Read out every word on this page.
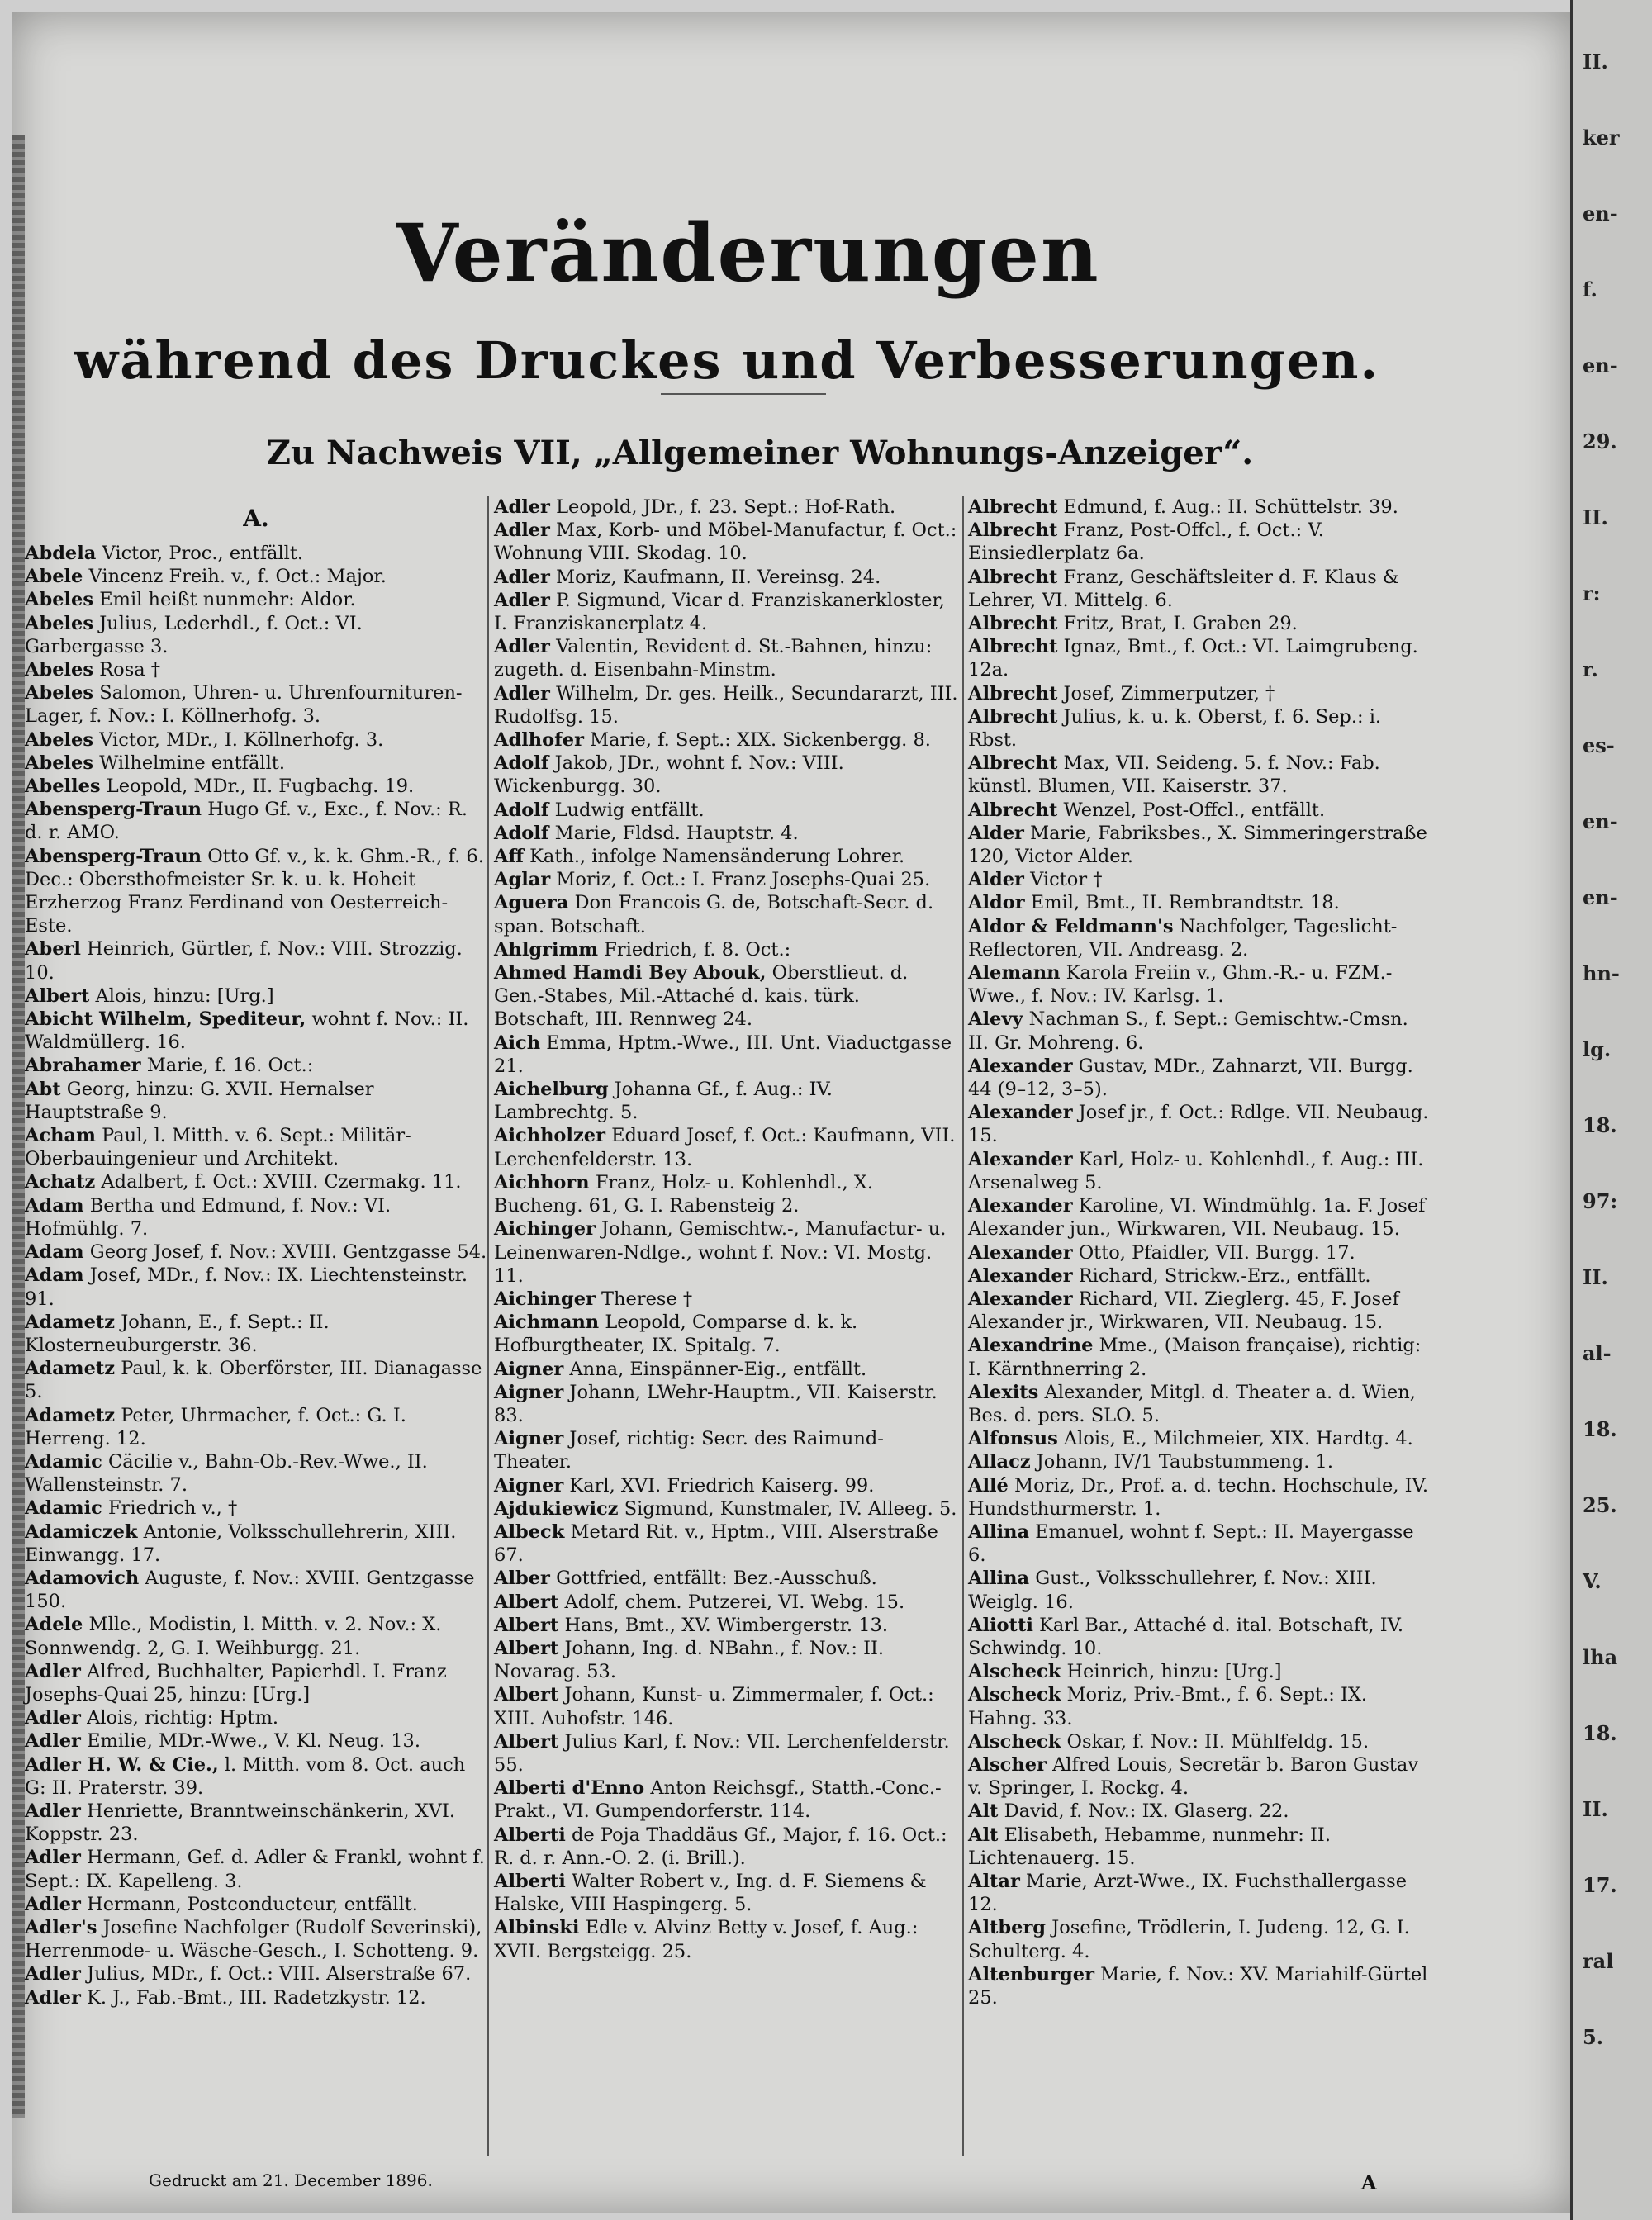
II.
ker
en-
f.
en-
29.
II.
r:
r.
es-
en-
en-
hn-
lg.
18.
97:
II.
al-
18.
25.
V.
lha
18.
II.
17.
ral
5.
Veränderungen
während des Druckes und Verbesserungen.
Zu Nachweis VII, „Allgemeiner Wohnungs-Anzeiger“.
A.

Abdela Victor, Proc., entfällt.

Abele Vincenz Freih. v., f. Oct.: Major.

Abeles Emil heißt nunmehr: Aldor.

Abeles Julius, Lederhdl., f. Oct.: VI. Garbergasse 3.

Abeles Rosa †

Abeles Salomon, Uhren- u. Uhrenfournituren-Lager, f. Nov.: I. Köllnerhofg. 3.

Abeles Victor, MDr., I. Köllnerhofg. 3.

Abeles Wilhelmine entfällt.

Abelles Leopold, MDr., II. Fugbachg. 19.

Abensperg-Traun Hugo Gf. v., Exc., f. Nov.: R. d. r. AMO.

Abensperg-Traun Otto Gf. v., k. k. Ghm.-R., f. 6. Dec.: Obersthofmeister Sr. k. u. k. Hoheit Erzherzog Franz Ferdinand von Oesterreich-Este.

Aberl Heinrich, Gürtler, f. Nov.: VIII. Strozzig. 10.

Albert Alois, hinzu: [Urg.]

Abicht Wilhelm, Spediteur, wohnt f. Nov.: II. Waldmüllerg. 16.

Abrahamer Marie, f. 16. Oct.:

Abt Georg, hinzu: G. XVII. Hernalser Hauptstraße 9.

Acham Paul, l. Mitth. v. 6. Sept.: Militär-Oberbauingenieur und Architekt.

Achatz Adalbert, f. Oct.: XVIII. Czermakg. 11.

Adam Bertha und Edmund, f. Nov.: VI. Hofmühlg. 7.

Adam Georg Josef, f. Nov.: XVIII. Gentzgasse 54.

Adam Josef, MDr., f. Nov.: IX. Liechtensteinstr. 91.

Adametz Johann, E., f. Sept.: II. Klosterneuburgerstr. 36.

Adametz Paul, k. k. Oberförster, III. Dianagasse 5.

Adametz Peter, Uhrmacher, f. Oct.: G. I. Herreng. 12.

Adamic Cäcilie v., Bahn-Ob.-Rev.-Wwe., II. Wallensteinstr. 7.

Adamic Friedrich v., †

Adamiczek Antonie, Volksschullehrerin, XIII. Einwangg. 17.

Adamovich Auguste, f. Nov.: XVIII. Gentzgasse 150.

Adele Mlle., Modistin, l. Mitth. v. 2. Nov.: X. Sonnwendg. 2, G. I. Weihburgg. 21.

Adler Alfred, Buchhalter, Papierhdl. I. Franz Josephs-Quai 25, hinzu: [Urg.]

Adler Alois, richtig: Hptm.

Adler Emilie, MDr.-Wwe., V. Kl. Neug. 13.

Adler H. W. & Cie., l. Mitth. vom 8. Oct. auch G: II. Praterstr. 39.

Adler Henriette, Branntweinschänkerin, XVI. Koppstr. 23.

Adler Hermann, Gef. d. Adler & Frankl, wohnt f. Sept.: IX. Kapelleng. 3.

Adler Hermann, Postconducteur, entfällt.

Adler's Josefine Nachfolger (Rudolf Severinski), Herrenmode- u. Wäsche-Gesch., I. Schotteng. 9.

Adler Julius, MDr., f. Oct.: VIII. Alserstraße 67.

Adler K. J., Fab.-Bmt., III. Radetzkystr. 12.

Adler Leopold, JDr., f. 23. Sept.: Hof-Rath.

Adler Max, Korb- und Möbel-Manufactur, f. Oct.: Wohnung VIII. Skodag. 10.

Adler Moriz, Kaufmann, II. Vereinsg. 24.

Adler P. Sigmund, Vicar d. Franziskanerkloster, I. Franziskanerplatz 4.

Adler Valentin, Revident d. St.-Bahnen, hinzu: zugeth. d. Eisenbahn-Minstm.

Adler Wilhelm, Dr. ges. Heilk., Secundararzt, III. Rudolfsg. 15.

Adlhofer Marie, f. Sept.: XIX. Sickenbergg. 8.

Adolf Jakob, JDr., wohnt f. Nov.: VIII. Wickenburgg. 30.

Adolf Ludwig entfällt.

Adolf Marie, Fldsd. Hauptstr. 4.

Aff Kath., infolge Namensänderung Lohrer.

Aglar Moriz, f. Oct.: I. Franz Josephs-Quai 25.

Aguera Don Francois G. de, Botschaft-Secr. d. span. Botschaft.

Ahlgrimm Friedrich, f. 8. Oct.:

Ahmed Hamdi Bey Abouk, Oberstlieut. d. Gen.-Stabes, Mil.-Attaché d. kais. türk. Botschaft, III. Rennweg 24.

Aich Emma, Hptm.-Wwe., III. Unt. Viaductgasse 21.

Aichelburg Johanna Gf., f. Aug.: IV. Lambrechtg. 5.

Aichholzer Eduard Josef, f. Oct.: Kaufmann, VII. Lerchenfelderstr. 13.

Aichhorn Franz, Holz- u. Kohlenhdl., X. Bucheng. 61, G. I. Rabensteig 2.

Aichinger Johann, Gemischtw.-, Manufactur- u. Leinenwaren-Ndlge., wohnt f. Nov.: VI. Mostg. 11.

Aichinger Therese †

Aichmann Leopold, Comparse d. k. k. Hofburgtheater, IX. Spitalg. 7.

Aigner Anna, Einspänner-Eig., entfällt.

Aigner Johann, LWehr-Hauptm., VII. Kaiserstr. 83.

Aigner Josef, richtig: Secr. des Raimund-Theater.

Aigner Karl, XVI. Friedrich Kaiserg. 99.

Ajdukiewicz Sigmund, Kunstmaler, IV. Alleeg. 5.

Albeck Metard Rit. v., Hptm., VIII. Alserstraße 67.

Alber Gottfried, entfällt: Bez.-Ausschuß.

Albert Adolf, chem. Putzerei, VI. Webg. 15.

Albert Hans, Bmt., XV. Wimbergerstr. 13.

Albert Johann, Ing. d. NBahn., f. Nov.: II. Novarag. 53.

Albert Johann, Kunst- u. Zimmermaler, f. Oct.: XIII. Auhofstr. 146.

Albert Julius Karl, f. Nov.: VII. Lerchenfelderstr. 55.

Alberti d'Enno Anton Reichsgf., Statth.-Conc.-Prakt., VI. Gumpendorferstr. 114.

Alberti de Poja Thaddäus Gf., Major, f. 16. Oct.: R. d. r. Ann.-O. 2. (i. Brill.).

Alberti Walter Robert v., Ing. d. F. Siemens & Halske, VIII Haspingerg. 5.

Albinski Edle v. Alvinz Betty v. Josef, f. Aug.: XVII. Bergsteigg. 25.

Albrecht Edmund, f. Aug.: II. Schüttelstr. 39.

Albrecht Franz, Post-Offcl., f. Oct.: V. Einsiedlerplatz 6a.

Albrecht Franz, Geschäftsleiter d. F. Klaus & Lehrer, VI. Mittelg. 6.

Albrecht Fritz, Brat, I. Graben 29.

Albrecht Ignaz, Bmt., f. Oct.: VI. Laimgrubeng. 12a.

Albrecht Josef, Zimmerputzer, †

Albrecht Julius, k. u. k. Oberst, f. 6. Sep.: i. Rbst.

Albrecht Max, VII. Seideng. 5. f. Nov.: Fab. künstl. Blumen, VII. Kaiserstr. 37.

Albrecht Wenzel, Post-Offcl., entfällt.

Alder Marie, Fabriksbes., X. Simmeringerstraße 120, Victor Alder.

Alder Victor †

Aldor Emil, Bmt., II. Rembrandtstr. 18.

Aldor & Feldmann's Nachfolger, Tageslicht-Reflectoren, VII. Andreasg. 2.

Alemann Karola Freiin v., Ghm.-R.- u. FZM.-Wwe., f. Nov.: IV. Karlsg. 1.

Alevy Nachman S., f. Sept.: Gemischtw.-Cmsn. II. Gr. Mohreng. 6.

Alexander Gustav, MDr., Zahnarzt, VII. Burgg. 44 (9–12, 3–5).

Alexander Josef jr., f. Oct.: Rdlge. VII. Neubaug. 15.

Alexander Karl, Holz- u. Kohlenhdl., f. Aug.: III. Arsenalweg 5.

Alexander Karoline, VI. Windmühlg. 1a. F. Josef Alexander jun., Wirkwaren, VII. Neubaug. 15.

Alexander Otto, Pfaidler, VII. Burgg. 17.

Alexander Richard, Strickw.-Erz., entfällt.

Alexander Richard, VII. Zieglerg. 45, F. Josef Alexander jr., Wirkwaren, VII. Neubaug. 15.

Alexandrine Mme., (Maison française), richtig: I. Kärnthnerring 2.

Alexits Alexander, Mitgl. d. Theater a. d. Wien, Bes. d. pers. SLO. 5.

Alfonsus Alois, E., Milchmeier, XIX. Hardtg. 4.

Allacz Johann, IV/1 Taubstummeng. 1.

Allé Moriz, Dr., Prof. a. d. techn. Hochschule, IV. Hundsthurmerstr. 1.

Allina Emanuel, wohnt f. Sept.: II. Mayergasse 6.

Allina Gust., Volksschullehrer, f. Nov.: XIII. Weiglg. 16.

Aliotti Karl Bar., Attaché d. ital. Botschaft, IV. Schwindg. 10.

Alscheck Heinrich, hinzu: [Urg.]

Alscheck Moriz, Priv.-Bmt., f. 6. Sept.: IX. Hahng. 33.

Alscheck Oskar, f. Nov.: II. Mühlfeldg. 15.

Alscher Alfred Louis, Secretär b. Baron Gustav v. Springer, I. Rockg. 4.

Alt David, f. Nov.: IX. Glaserg. 22.

Alt Elisabeth, Hebamme, nunmehr: II. Lichtenauerg. 15.

Altar Marie, Arzt-Wwe., IX. Fuchsthallergasse 12.

Altberg Josefine, Trödlerin, I. Judeng. 12, G. I. Schulterg. 4.

Altenburger Marie, f. Nov.: XV. Mariahilf-Gürtel 25.

Gedruckt am 21. December 1896.	A
